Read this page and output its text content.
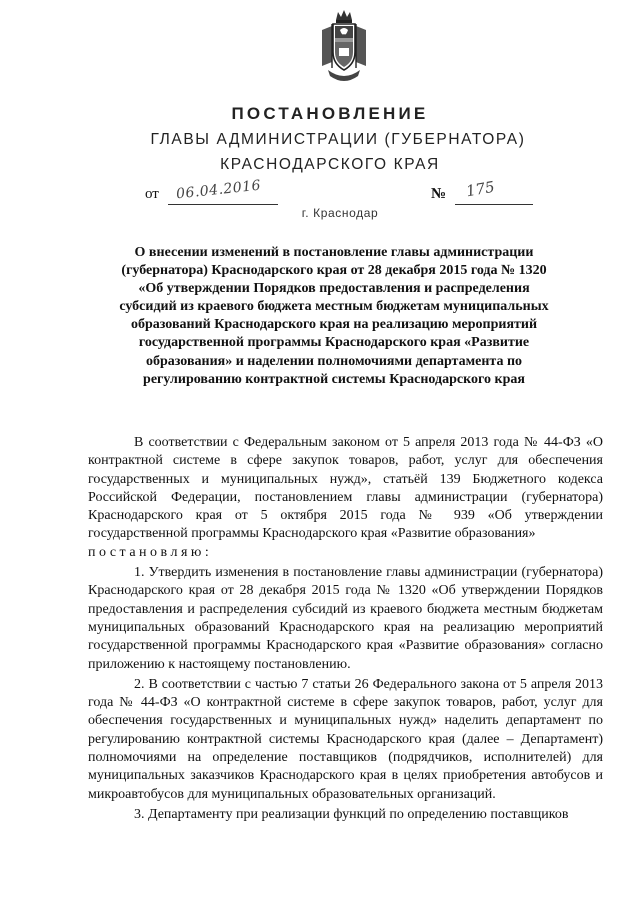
ПОСТАНОВЛЕНИЕ
ГЛАВЫ АДМИНИСТРАЦИИ (ГУБЕРНАТОРА)
КРАСНОДАРСКОГО КРАЯ
от 06.04.2016	№ 175
г. Краснодар
О внесении изменений в постановление главы администрации (губернатора) Краснодарского края от 28 декабря 2015 года № 1320 «Об утверждении Порядков предоставления и распределения субсидий из краевого бюджета местным бюджетам муниципальных образований Краснодарского края на реализацию мероприятий государственной программы Краснодарского края «Развитие образования» и наделении полномочиями департамента по регулированию контрактной системы Краснодарского края

В соответствии с Федеральным законом от 5 апреля 2013 года № 44-ФЗ «О контрактной системе в сфере закупок товаров, работ, услуг для обеспечения государственных и муниципальных нужд», статьёй 139 Бюджетного кодекса Российской Федерации, постановлением главы администрации (губернатора) Краснодарского края от 5 октября 2015 года № 939 «Об утверждении государственной программы Краснодарского края «Развитие образования»

постановляю:

1. Утвердить изменения в постановление главы администрации (губернатора) Краснодарского края от 28 декабря 2015 года № 1320 «Об утверждении Порядков предоставления и распределения субсидий из краевого бюджета местным бюджетам муниципальных образований Краснодарского края на реализацию мероприятий государственной программы Краснодарского края «Развитие образования» согласно приложению к настоящему постановлению.

2. В соответствии с частью 7 статьи 26 Федерального закона от 5 апреля 2013 года № 44-ФЗ «О контрактной системе в сфере закупок товаров, работ, услуг для обеспечения государственных и муниципальных нужд» наделить департамент по регулированию контрактной системы Краснодарского края (далее – Департамент) полномочиями на определение поставщиков (подрядчиков, исполнителей) для муниципальных заказчиков Краснодарского края в целях приобретения автобусов и микроавтобусов для муниципальных образовательных организаций.

3. Департаменту при реализации функций по определению поставщиков
